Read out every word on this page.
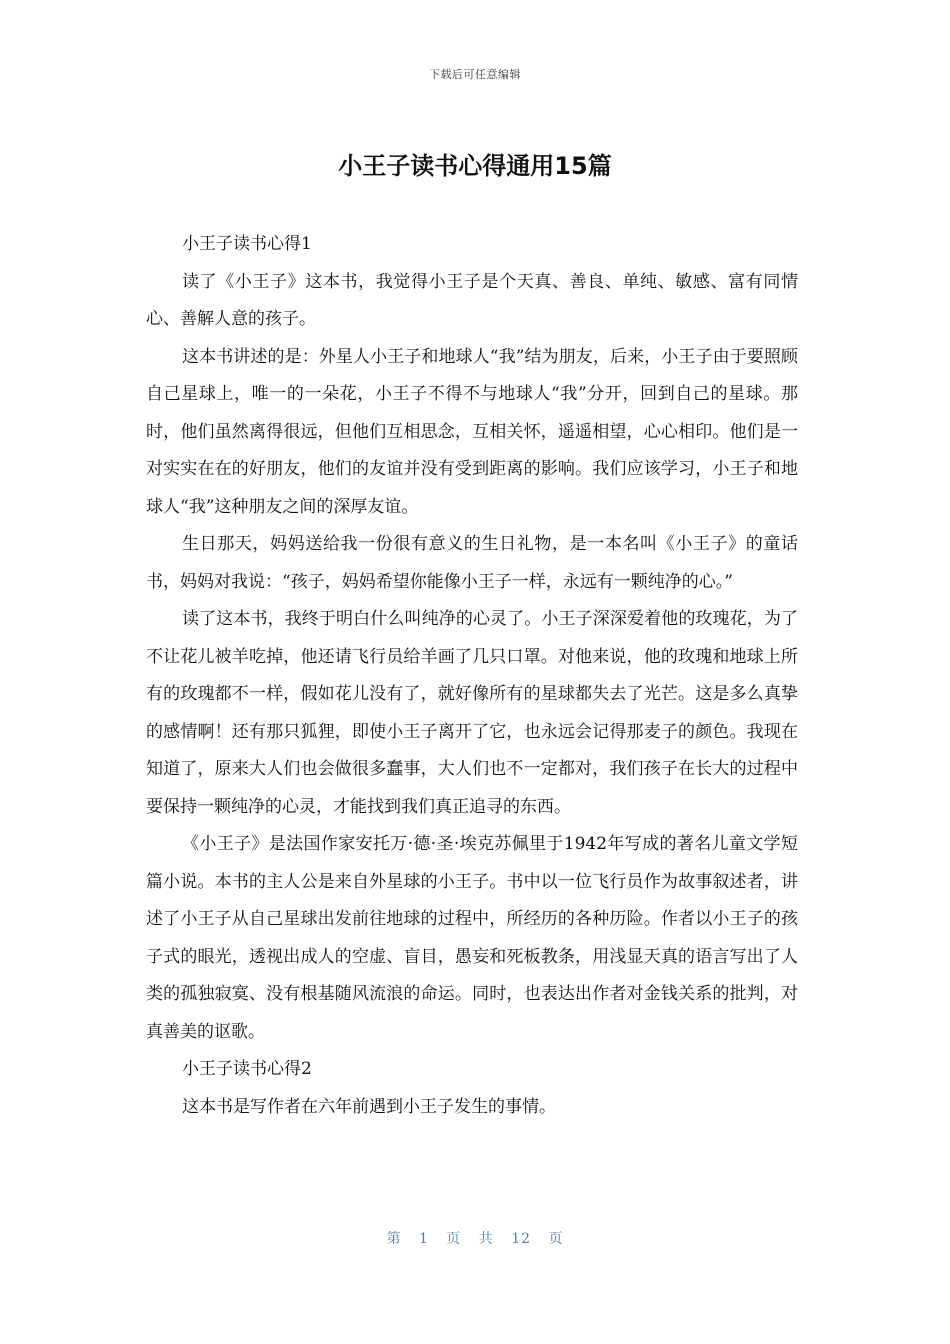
下载后可任意编辑
小王子读书心得通用15篇

小王子读书心得1

读了《小王子》这本书，我觉得小王子是个天真、善良、单纯、敏感、富有同情心、善解人意的孩子。

这本书讲述的是：外星人小王子和地球人“我”结为朋友，后来，小王子由于要照顾自己星球上，唯一的一朵花，小王子不得不与地球人“我”分开，回到自己的星球。那时，他们虽然离得很远，但他们互相思念，互相关怀，遥遥相望，心心相印。他们是一对实实在在的好朋友，他们的友谊并没有受到距离的影响。我们应该学习，小王子和地球人“我”这种朋友之间的深厚友谊。

生日那天，妈妈送给我一份很有意义的生日礼物，是一本名叫《小王子》的童话书，妈妈对我说：“孩子，妈妈希望你能像小王子一样，永远有一颗纯净的心。”

读了这本书，我终于明白什么叫纯净的心灵了。小王子深深爱着他的玫瑰花，为了不让花儿被羊吃掉，他还请飞行员给羊画了几只口罩。对他来说，他的玫瑰和地球上所有的玫瑰都不一样，假如花儿没有了，就好像所有的星球都失去了光芒。这是多么真挚的感情啊！还有那只狐狸，即使小王子离开了它，也永远会记得那麦子的颜色。我现在知道了，原来大人们也会做很多蠢事，大人们也不一定都对，我们孩子在长大的过程中要保持一颗纯净的心灵，才能找到我们真正追寻的东西。

《小王子》是法国作家安托万·德·圣·埃克苏佩里于1942年写成的著名儿童文学短篇小说。本书的主人公是来自外星球的小王子。书中以一位飞行员作为故事叙述者，讲述了小王子从自己星球出发前往地球的过程中，所经历的各种历险。作者以小王子的孩子式的眼光，透视出成人的空虚、盲目，愚妄和死板教条，用浅显天真的语言写出了人类的孤独寂寞、没有根基随风流浪的命运。同时，也表达出作者对金钱关系的批判，对真善美的讴歌。

小王子读书心得2

这本书是写作者在六年前遇到小王子发生的事情。

第 1 页 共 12 页
